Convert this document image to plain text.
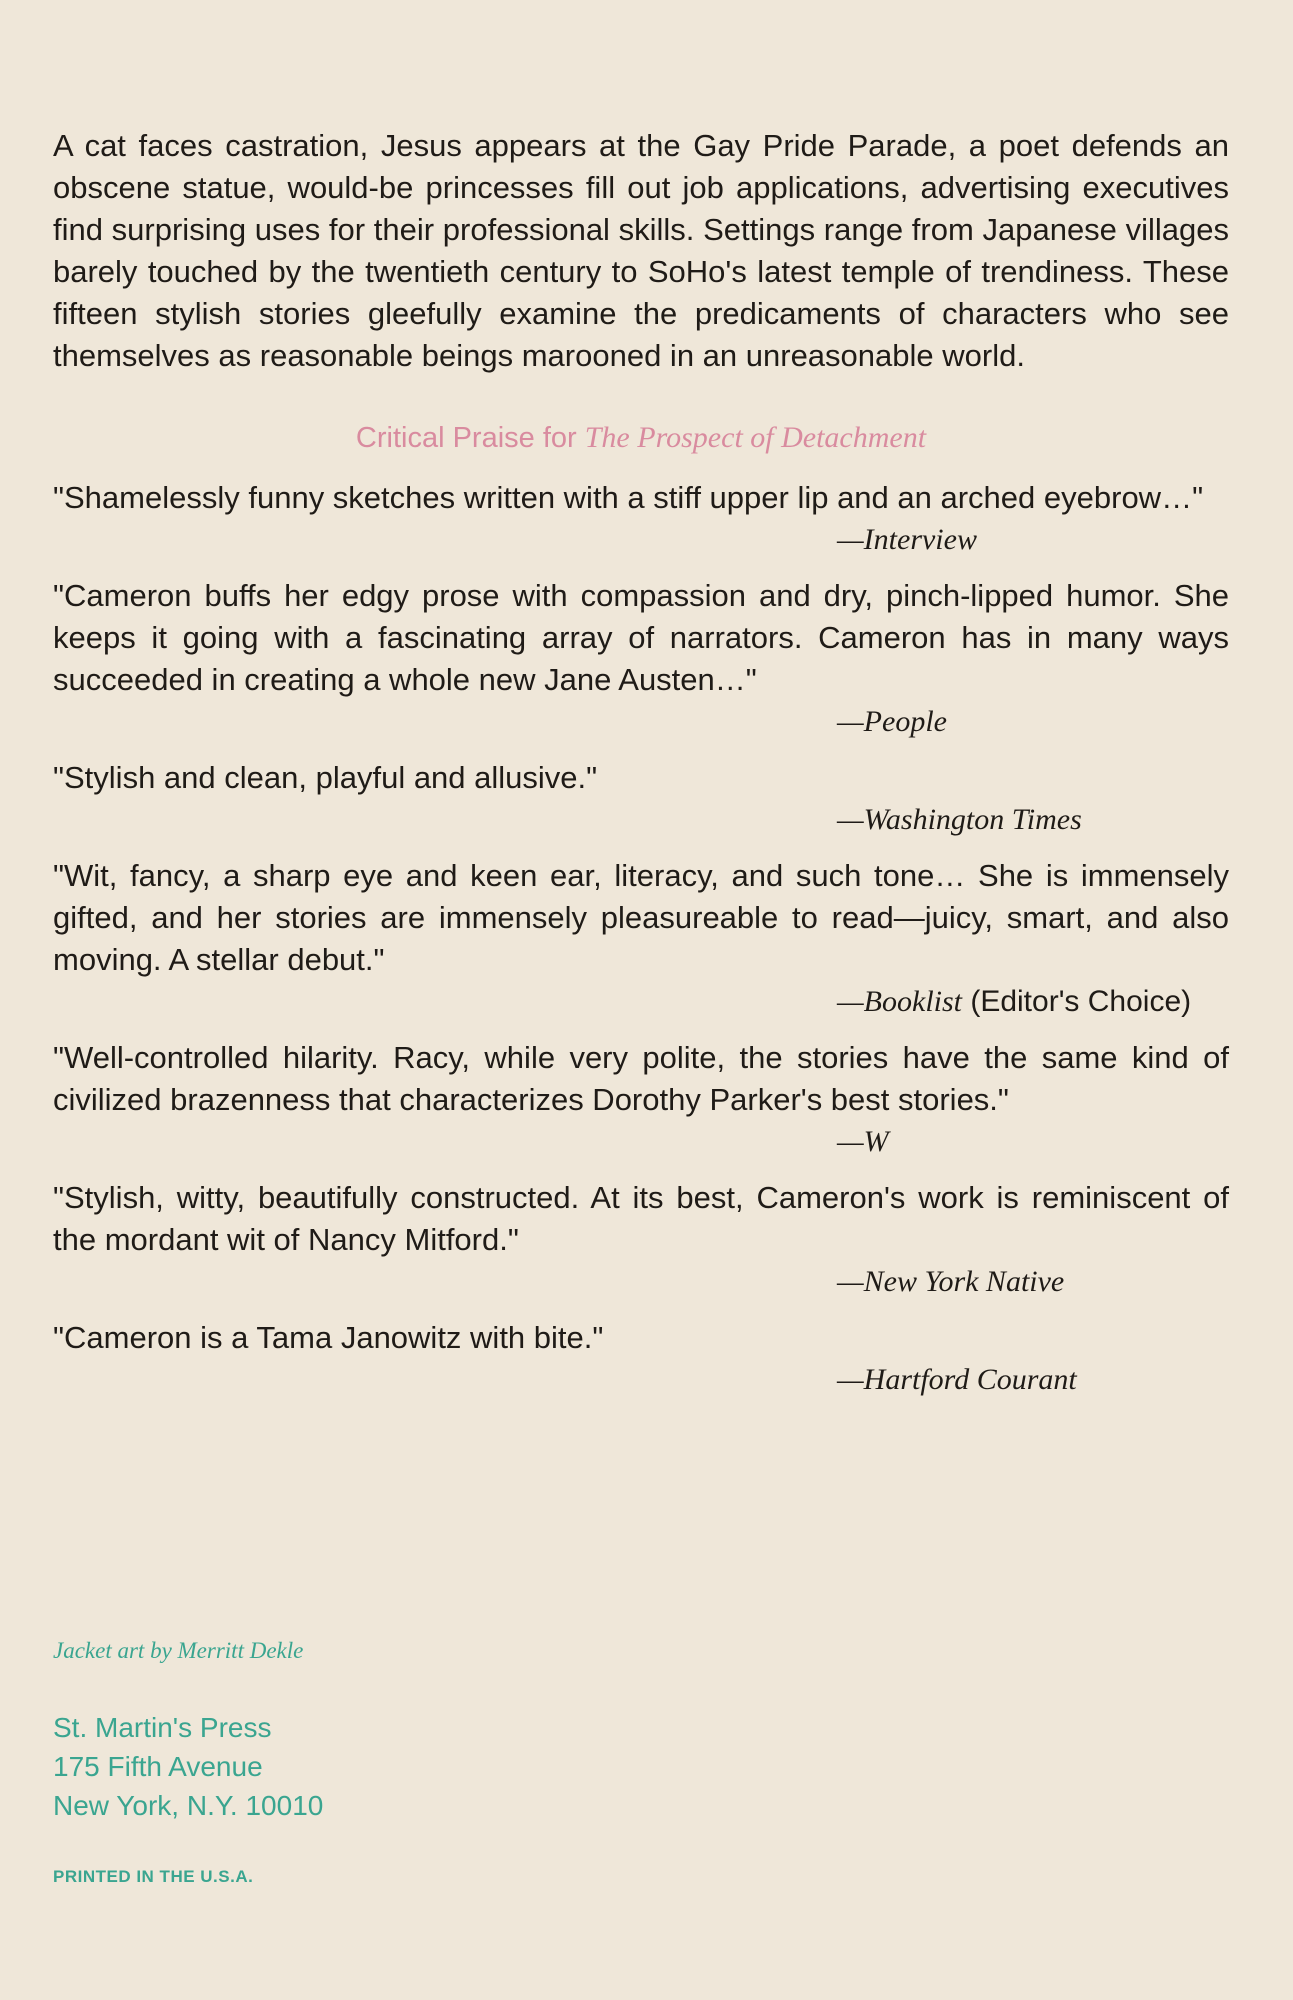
A cat faces castration, Jesus appears at the Gay Pride Parade, a poet defends an obscene statue, would-be princesses fill out job applications, advertising executives find surprising uses for their professional skills. Settings range from Japanese villages barely touched by the twentieth century to SoHo's latest temple of trendiness. These fifteen stylish stories gleefully examine the predicaments of characters who see themselves as reasonable beings marooned in an unreasonable world.

Critical Praise for The Prospect of Detachment

"Shamelessly funny sketches written with a stiff upper lip and an arched eyebrow…"

—Interview

"Cameron buffs her edgy prose with compassion and dry, pinch-lipped humor. She keeps it going with a fascinating array of narrators. Cameron has in many ways succeeded in creating a whole new Jane Austen…"

—People

"Stylish and clean, playful and allusive."

—Washington Times

"Wit, fancy, a sharp eye and keen ear, literacy, and such tone… She is immensely gifted, and her stories are immensely pleasureable to read—juicy, smart, and also moving. A stellar debut."

—Booklist (Editor's Choice)

"Well-controlled hilarity. Racy, while very polite, the stories have the same kind of civilized brazenness that characterizes Dorothy Parker's best stories."

—W

"Stylish, witty, beautifully constructed. At its best, Cameron's work is reminiscent of the mordant wit of Nancy Mitford."

—New York Native

"Cameron is a Tama Janowitz with bite."

—Hartford Courant

Jacket art by Merritt Dekle

St. Martin's Press
175 Fifth Avenue
New York, N.Y. 10010

PRINTED IN THE U.S.A.
